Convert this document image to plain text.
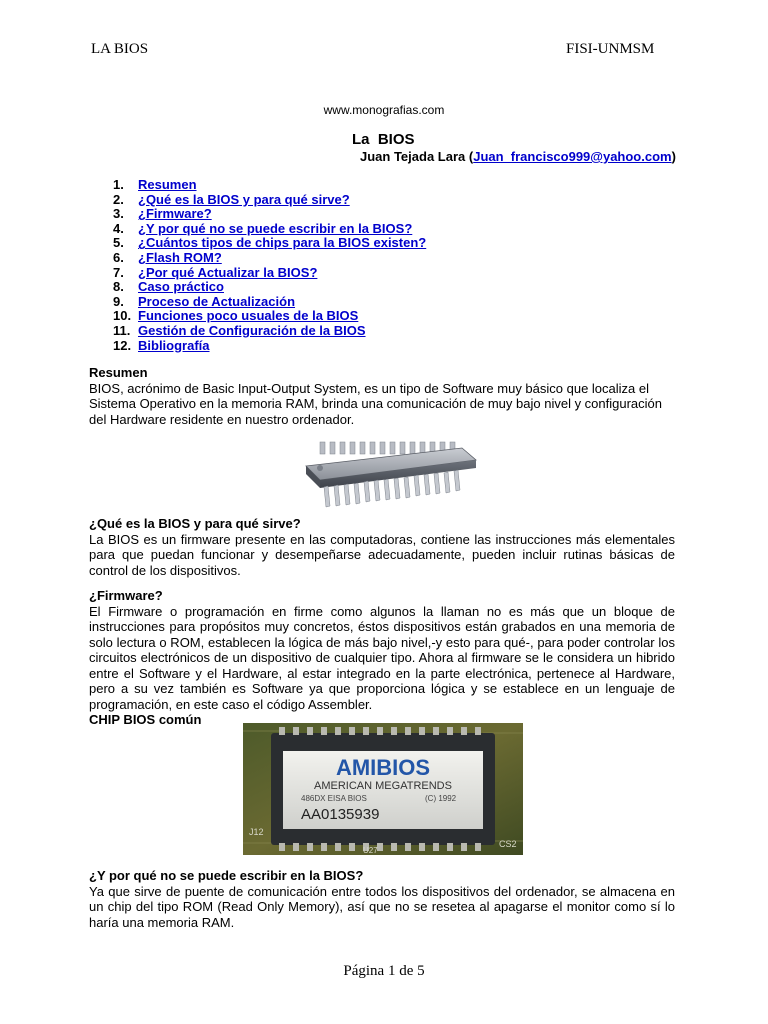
LA BIOS	FISI-UNMSM
www.monografias.com
La  BIOS
Juan Tejada Lara (Juan_francisco999@yahoo.com)
1. Resumen
2. ¿Qué es la BIOS y para qué sirve?
3. ¿Firmware?
4. ¿Y por qué no se puede escribir en la BIOS?
5. ¿Cuántos tipos de chips para la BIOS existen?
6. ¿Flash ROM?
7. ¿Por qué Actualizar la BIOS?
8. Caso práctico
9. Proceso de Actualización
10. Funciones poco usuales de la BIOS
11. Gestión de Configuración de la BIOS
12. Bibliografía
Resumen

BIOS, acrónimo de Basic Input-Output System, es un tipo de Software muy básico que localiza el Sistema Operativo en la memoria RAM, brinda una comunicación de muy bajo nivel y configuración del Hardware residente en nuestro ordenador.

¿Qué es la BIOS y para qué sirve?

La BIOS es un firmware presente en las computadoras, contiene las instrucciones más elementales para que puedan funcionar y desempeñarse adecuadamente, pueden incluir rutinas básicas de control de los dispositivos.

¿Firmware?

El Firmware o programación en firme como algunos la llaman no es más que un bloque de instrucciones para propósitos muy concretos, éstos dispositivos están grabados en una memoria de solo lectura o ROM, establecen la lógica de más bajo nivel,-y esto para qué-, para poder controlar los circuitos electrónicos de un dispositivo de cualquier tipo. Ahora al firmware se le considera un hibrido entre el Software y el Hardware, al estar integrado en la parte electrónica, pertenece al Hardware, pero a su vez también es Software ya que proporciona lógica y se establece en un lenguaje de programación, en este caso el código Assembler.

CHIP BIOS común
AMIBIOS
AMERICAN MEGATRENDS
486DX EISA BIOS	(C) 1992
AA0135939
J12
U27
CS2
¿Y por qué no se puede escribir en la BIOS?

Ya que sirve de puente de comunicación entre todos los dispositivos del ordenador, se almacena en un chip del tipo ROM (Read Only Memory), así que no se resetea al apagarse el monitor como sí lo haría una memoria RAM.

Página 1 de 5
